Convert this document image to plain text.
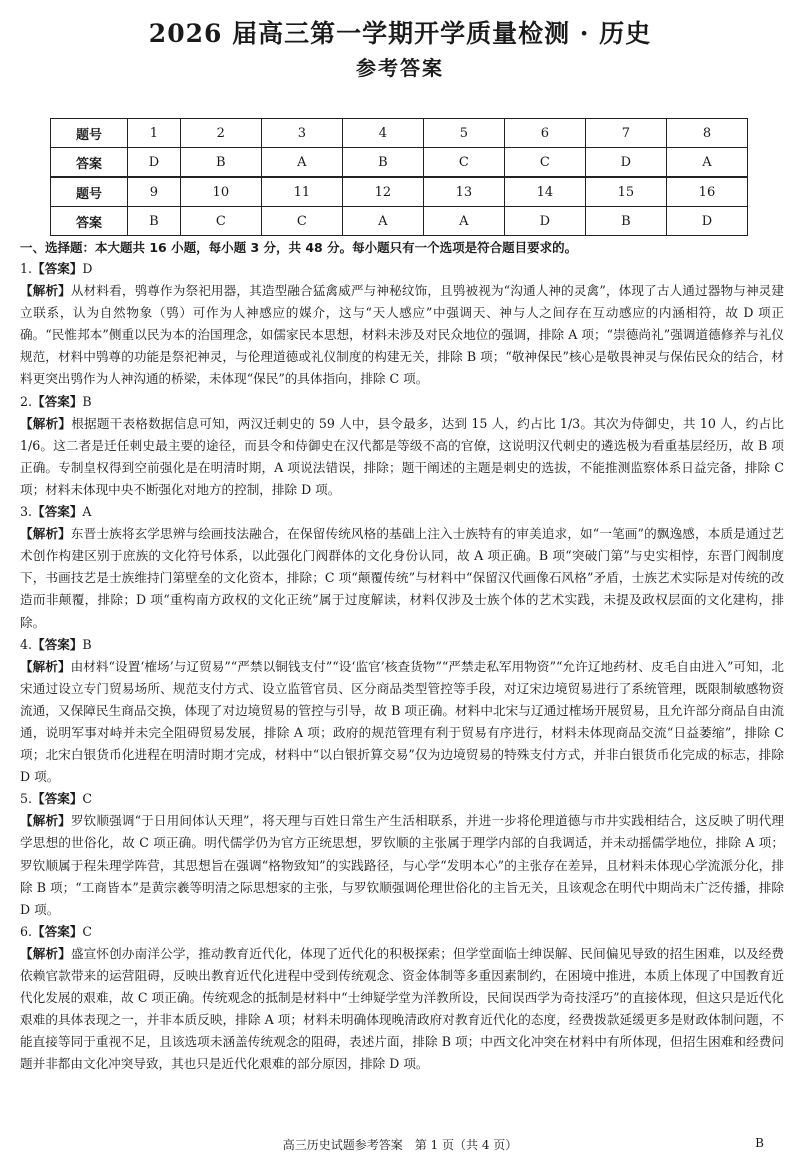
2026 届高三第一学期开学质量检测 · 历史
参考答案
题号	1	2	3	4	5	6	7	8
答案	D	B	A	B	C	C	D	A
题号	9	10	11	12	13	14	15	16
答案	B	C	C	A	A	D	B	D
一、选择题：本大题共 16 小题，每小题 3 分，共 48 分。每小题只有一个选项是符合题目要求的。
1.【答案】D
【解析】从材料看，鸮尊作为祭祀用器，其造型融合猛禽威严与神秘纹饰，且鸮被视为“沟通人神的灵禽”，体现了古人通过器物与神灵建立联系，认为自然物象（鸮）可作为人神感应的媒介，这与“天人感应”中强调天、神与人之间存在互动感应的内涵相符，故 D 项正确。“民惟邦本”侧重以民为本的治国理念，如儒家民本思想，材料未涉及对民众地位的强调，排除 A 项；“崇德尚礼”强调道德修养与礼仪规范，材料中鸮尊的功能是祭祀神灵，与伦理道德或礼仪制度的构建无关，排除 B 项；“敬神保民”核心是敬畏神灵与保佑民众的结合，材料更突出鸮作为人神沟通的桥梁，未体现“保民”的具体指向，排除 C 项。
2.【答案】B
【解析】根据题干表格数据信息可知，两汉迁刺史的 59 人中，县令最多，达到 15 人，约占比 1/3。其次为侍御史，共 10 人，约占比 1/6。这二者是迁任刺史最主要的途径，而县令和侍御史在汉代都是等级不高的官僚，这说明汉代刺史的遴选极为看重基层经历，故 B 项正确。专制皇权得到空前强化是在明清时期，A 项说法错误，排除；题干阐述的主题是刺史的选拔，不能推测监察体系日益完备，排除 C 项；材料未体现中央不断强化对地方的控制，排除 D 项。
3.【答案】A
【解析】东晋士族将玄学思辨与绘画技法融合，在保留传统风格的基础上注入士族特有的审美追求，如“一笔画”的飘逸感，本质是通过艺术创作构建区别于庶族的文化符号体系，以此强化门阀群体的文化身份认同，故 A 项正确。B 项“突破门第”与史实相悖，东晋门阀制度下，书画技艺是士族维持门第壁垒的文化资本，排除；C 项“颠覆传统”与材料中“保留汉代画像石风格”矛盾，士族艺术实际是对传统的改造而非颠覆，排除；D 项“重构南方政权的文化正统”属于过度解读，材料仅涉及士族个体的艺术实践，未提及政权层面的文化建构，排除。
4.【答案】B
【解析】由材料“设置‘榷场’与辽贸易”“严禁以铜钱支付”“设‘监官’核查货物”“严禁走私军用物资”“允许辽地药材、皮毛自由进入”可知，北宋通过设立专门贸易场所、规范支付方式、设立监管官员、区分商品类型管控等手段，对辽宋边境贸易进行了系统管理，既限制敏感物资流通，又保障民生商品交换，体现了对边境贸易的管控与引导，故 B 项正确。材料中北宋与辽通过榷场开展贸易，且允许部分商品自由流通，说明军事对峙并未完全阻碍贸易发展，排除 A 项；政府的规范管理有利于贸易有序进行，材料未体现商品交流“日益萎缩”，排除 C 项；北宋白银货币化进程在明清时期才完成，材料中“以白银折算交易”仅为边境贸易的特殊支付方式，并非白银货币化完成的标志，排除 D 项。
5.【答案】C
【解析】罗钦顺强调“于日用间体认天理”，将天理与百姓日常生产生活相联系，并进一步将伦理道德与市井实践相结合，这反映了明代理学思想的世俗化，故 C 项正确。明代儒学仍为官方正统思想，罗钦顺的主张属于理学内部的自我调适，并未动摇儒学地位，排除 A 项；罗钦顺属于程朱理学阵营，其思想旨在强调“格物致知”的实践路径，与心学“发明本心”的主张存在差异，且材料未体现心学流派分化，排除 B 项；“工商皆本”是黄宗羲等明清之际思想家的主张，与罗钦顺强调伦理世俗化的主旨无关，且该观念在明代中期尚未广泛传播，排除 D 项。
6.【答案】C
【解析】盛宣怀创办南洋公学，推动教育近代化，体现了近代化的积极探索；但学堂面临士绅误解、民间偏见导致的招生困难，以及经费依赖官款带来的运营阻碍，反映出教育近代化进程中受到传统观念、资金体制等多重因素制约，在困境中推进，本质上体现了中国教育近代化发展的艰难，故 C 项正确。传统观念的抵制是材料中“士绅疑学堂为洋教所设，民间误西学为奇技淫巧”的直接体现，但这只是近代化艰难的具体表现之一，并非本质反映，排除 A 项；材料未明确体现晚清政府对教育近代化的态度，经费拨款延缓更多是财政体制问题，不能直接等同于重视不足，且该选项未涵盖传统观念的阻碍，表述片面，排除 B 项；中西文化冲突在材料中有所体现，但招生困难和经费问题并非都由文化冲突导致，其也只是近代化艰难的部分原因，排除 D 项。
高三历史试题参考答案　第 1 页（共 4 页）	B
